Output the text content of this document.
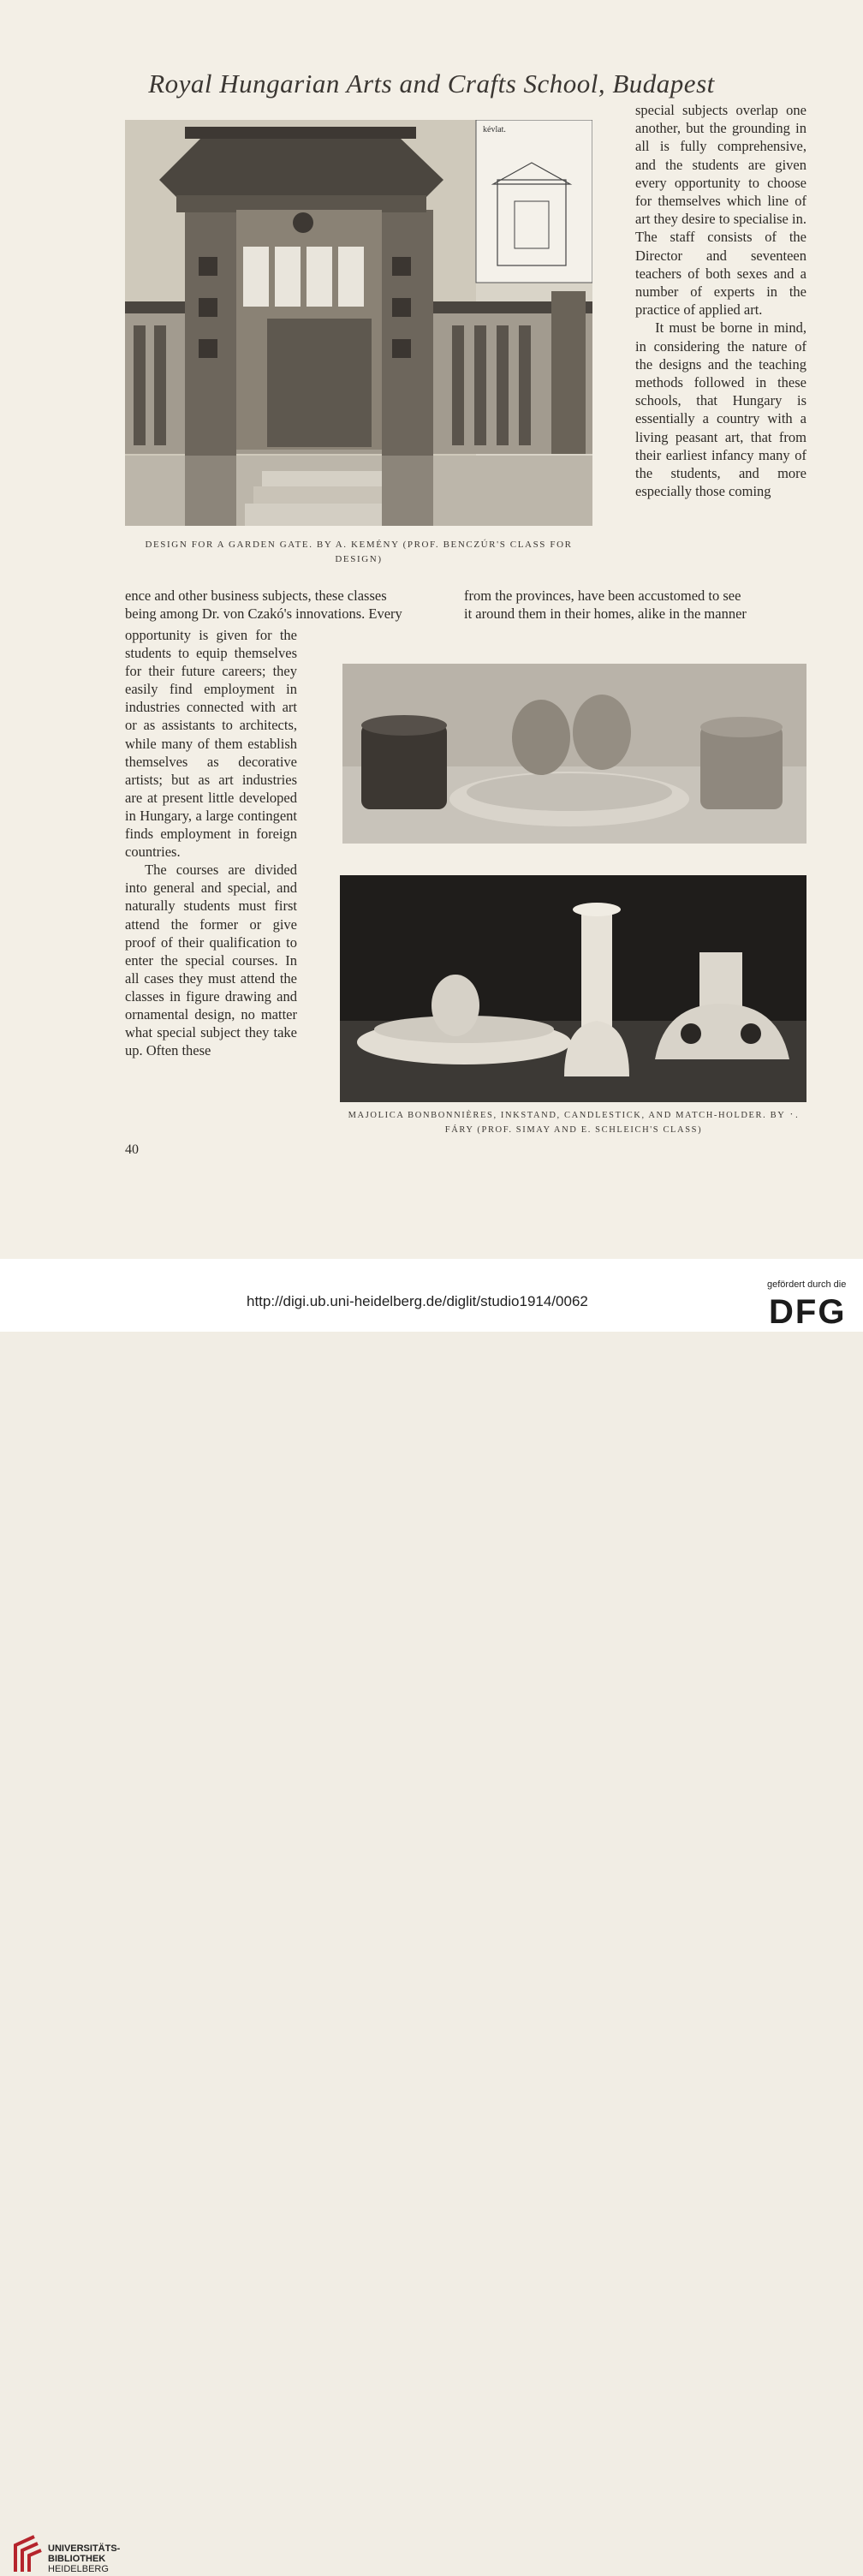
Royal Hungarian Arts and Crafts School, Budapest
kévlat.

special subjects overlap one another, but the grounding in all is fully comprehensive, and the students are given every opportunity to choose for themselves which line of art they desire to specialise in. The staff consists of the Director and seventeen teachers of both sexes and a number of experts in the practice of applied art.

It must be borne in mind, in considering the nature of the designs and the teaching methods followed in these schools, that Hungary is essentially a country with a living peasant art, that from their earliest infancy many of the students, and more especially those coming

DESIGN FOR A GARDEN GATE. BY A. KEMÉNY (PROF. BENCZÚR'S CLASS FOR DESIGN)
ence and other business subjects, these classes
being among Dr. von Czakó's innovations. Every
from the provinces, have been accustomed to see
it around them in their homes, alike in the manner

opportunity is given for the students to equip themselves for their future careers; they easily find employment in industries connected with art or as assistants to architects, while many of them establish themselves as decorative artists; but as art industries are at present little developed in Hungary, a large contingent finds employment in foreign countries.

The courses are divided into general and special, and naturally students must first attend the former or give proof of their qualification to enter the special courses. In all cases they must attend the classes in figure drawing and ornamental design, no matter what special subject they take up. Often these

MAJOLICA BONBONNIÈRES, INKSTAND, CANDLESTICK, AND MATCH-HOLDER. BY ᛫. FÁRY (PROF. SIMAY AND E. SCHLEICH'S CLASS)
40
UNIVERSITÄTS-
BIBLIOTHEK
HEIDELBERG
http://digi.ub.uni-heidelberg.de/diglit/studio1914/0062
gefördert durch die
DFG
